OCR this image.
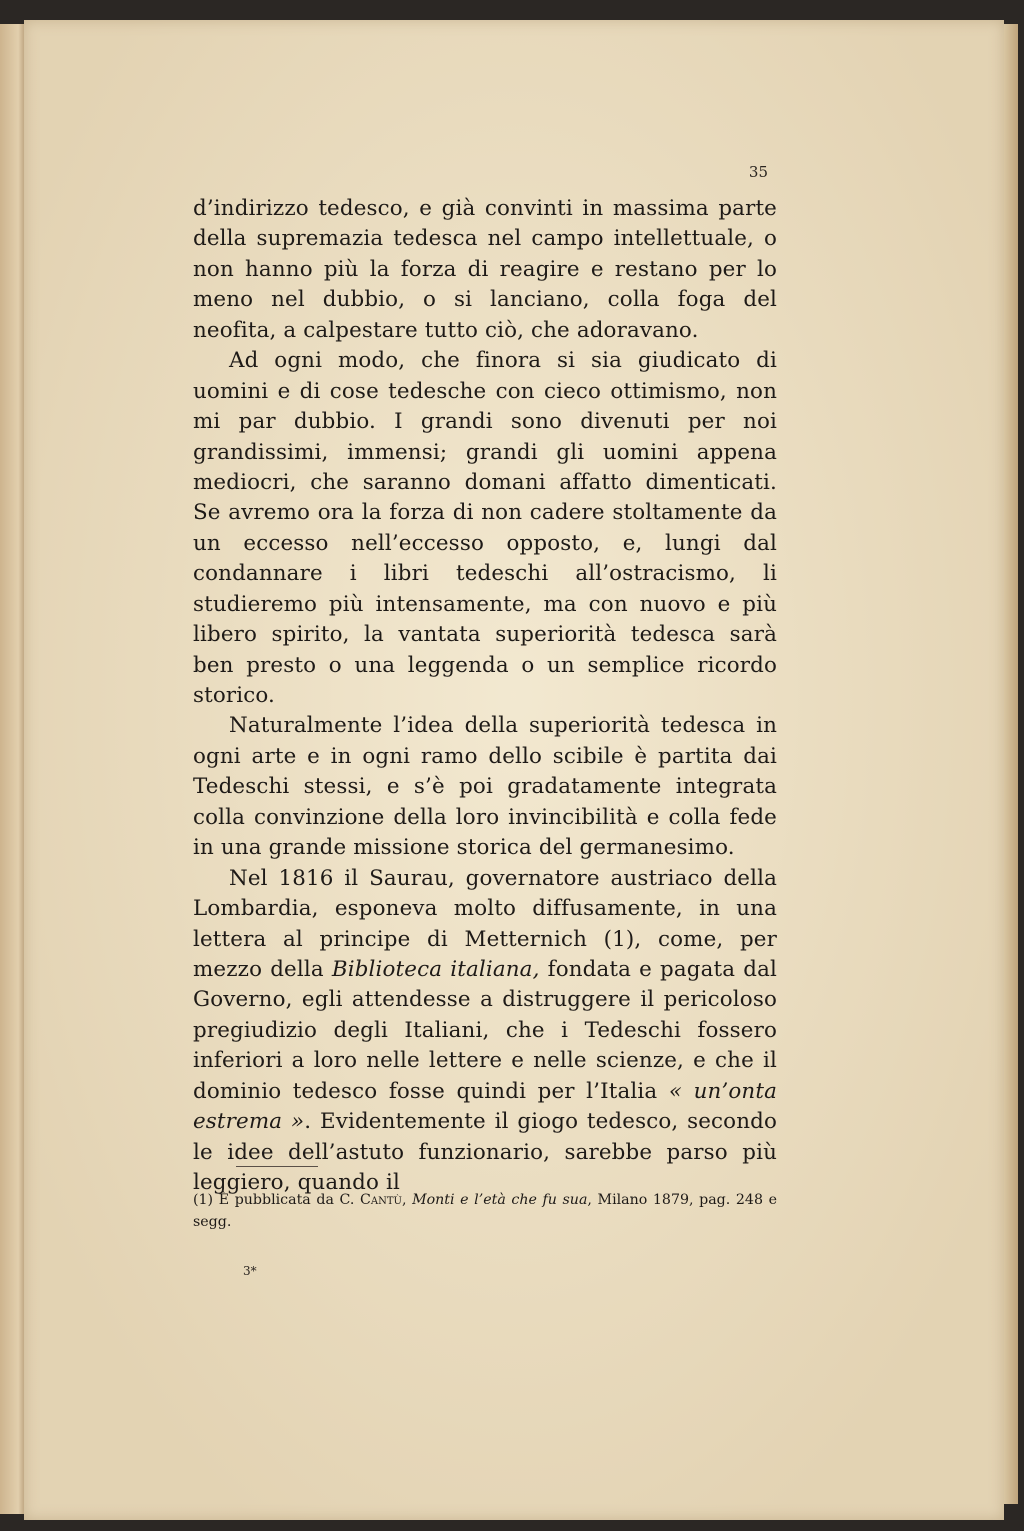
35

d’indirizzo tedesco, e già convinti in massima parte della supremazia tedesca nel campo intellettuale, o non hanno più la forza di reagire e restano per lo meno nel dubbio, o si lanciano, colla foga del neofita, a calpestare tutto ciò, che adoravano.

Ad ogni modo, che finora si sia giudicato di uomini e di cose tedesche con cieco ottimismo, non mi par dubbio. I grandi sono divenuti per noi grandissimi, immensi; grandi gli uomini appena mediocri, che saranno domani affatto dimenticati. Se avremo ora la forza di non cadere stoltamente da un eccesso nell’eccesso opposto, e, lungi dal condannare i libri tedeschi all’ostracismo, li studieremo più intensamente, ma con nuovo e più libero spirito, la vantata superiorità tedesca sarà ben presto o una leggenda o un semplice ricordo storico.

Naturalmente l’idea della superiorità tedesca in ogni arte e in ogni ramo dello scibile è partita dai Tedeschi stessi, e s’è poi gradatamente integrata colla convinzione della loro invincibilità e colla fede in una grande missione storica del germanesimo.

Nel 1816 il Saurau, governatore austriaco della Lombardia, esponeva molto diffusamente, in una lettera al principe di Metternich (1), come, per mezzo della Biblioteca italiana, fondata e pagata dal Governo, egli attendesse a distruggere il pericoloso pregiudizio degli Italiani, che i Tedeschi fossero inferiori a loro nelle lettere e nelle scienze, e che il dominio tedesco fosse quindi per l’Italia « un’onta estrema ». Evidentemente il giogo tedesco, secondo le idee dell’astuto funzionario, sarebbe parso più leggiero, quando il

(1) È pubblicata da C. Cantù, Monti e l’età che fu sua, Milano 1879, pag. 248 e segg.
3*
